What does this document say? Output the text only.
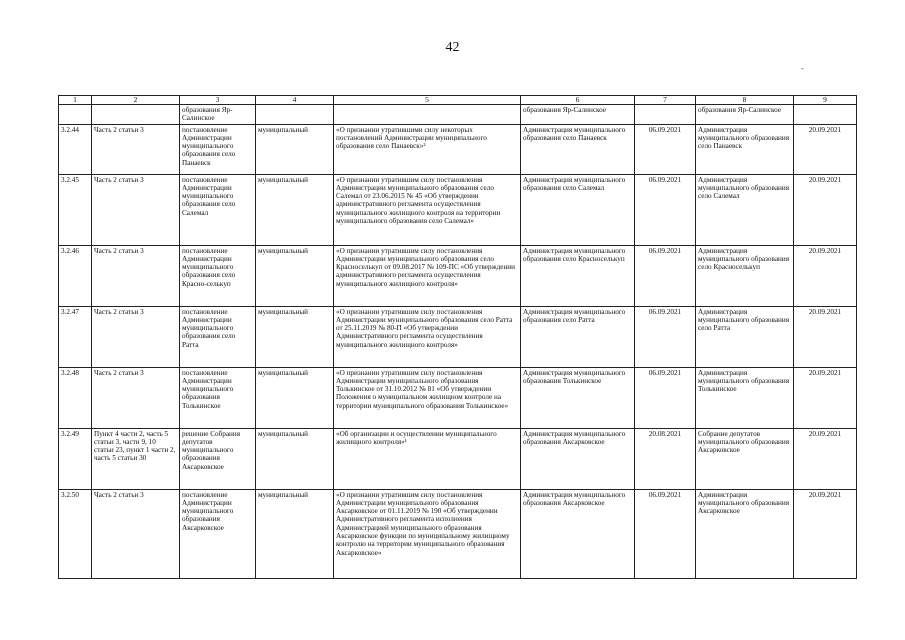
42
-
1	2	3	4	5	6	7	8	9
		образования Яр-Салинское			образования Яр-Салинское		образования Яр-Салинское	
3.2.44	Часть 2 статьи 3	постановление Администрации муниципального образования село Панаевск	муниципальный	«О признании утратившими силу некоторых постановлений Администрации муниципального образования село Панаевск»²	Администрация муниципального образования село Панаевск	06.09.2021	Администрация муниципального образования село Панаевск	20.09.2021
3.2.45	Часть 2 статьи 3	постановление Администрации муниципального образования село Салемал	муниципальный	«О признании утратившим силу постановления Администрации муниципального образования село Салемал от 23.06.2015 № 45 «Об утверждении административного регламента осуществления муниципального жилищного контроля на территории муниципального образования село Салемал»	Администрация муниципального образования село Салемал	06.09.2021	Администрация муниципального образования село Салемал	20.09.2021
3.2.46	Часть 2 статьи 3	постановление Администрации муниципального образования село Красно-селькуп	муниципальный	«О признании утратившим силу постановления Администрации муниципального образования село Красноселькуп от 09.08.2017 № 109-ПС «Об утверждении административного регламента осуществления муниципального жилищного контроля»	Администрация муниципального образования село Красноселькуп	06.09.2021	Администрация муниципального образования село Красноселькуп	20.09.2021
3.2.47	Часть 2 статьи 3	постановление Администрации муниципального образования село Ратта	муниципальный	«О признании утратившим силу постановления Администрации муниципального образования село Ратта от 25.11.2019 № 80-П «Об утверждении Административного регламента осуществления муниципального жилищного контроля»	Администрация муниципального образования село Ратта	06.09.2021	Администрация муниципального образования село Ратта	20.09.2021
3.2.48	Часть 2 статьи 3	постановление Администрации муниципального образования Толькинское	муниципальный	«О признании утратившим силу постановления Администрации муниципального образования Толькинское от 31.10.2012 № 81 «Об утверждении Положения о муниципальном жилищном контроле на территории муниципального образования Толькинское»	Администрация муниципального образования Толькинское	06.09.2021	Администрация муниципального образования Толькинское	20.09.2021
3.2.49	Пункт 4 части 2, часть 5 статьи 3, части 9, 10 статьи 23, пункт 1 части 2, часть 5 статьи 30	решение Собрания депутатов муниципального образования Аксарковское	муниципальный	«Об организации и осуществлении муниципального жилищного контроля»¹	Администрация муниципального образования Аксарковское	20.08.2021	Собрание депутатов муниципального образования Аксарковское	20.09.2021
3.2.50	Часть 2 статьи 3	постановление Администрации муниципального образования Аксарковское	муниципальный	«О признании утратившим силу постановления Администрации муниципального образования Аксарковское от 01.11.2019 № 190 «Об утверждении Административного регламента исполнения Администрацией муниципального образования Аксарковское функции по муниципальному жилищному контролю на территории муниципального образования Аксарковское»	Администрация муниципального образования Аксарковское	06.09.2021	Администрация муниципального образования Аксарковское	20.09.2021
